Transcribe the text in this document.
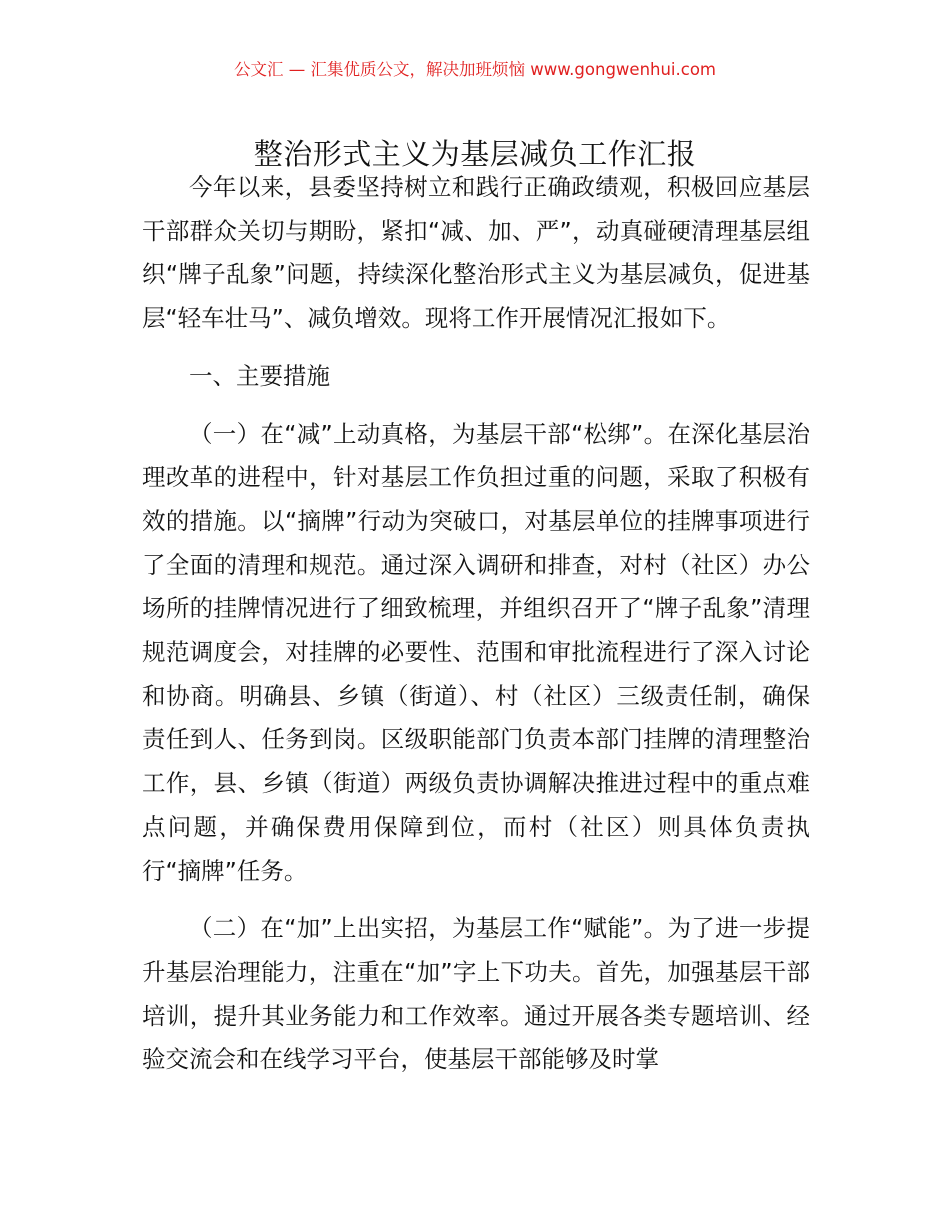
公文汇 — 汇集优质公文，解决加班烦恼 www.gongwenhui.com
整治形式主义为基层减负工作汇报

今年以来，县委坚持树立和践行正确政绩观，积极回应基层干部群众关切与期盼，紧扣“减、加、严”，动真碰硬清理基层组织“牌子乱象”问题，持续深化整治形式主义为基层减负，促进基层“轻车壮马”、减负增效。现将工作开展情况汇报如下。

一、主要措施

（一）在“减”上动真格，为基层干部“松绑”。在深化基层治理改革的进程中，针对基层工作负担过重的问题，采取了积极有效的措施。以“摘牌”行动为突破口，对基层单位的挂牌事项进行了全面的清理和规范。通过深入调研和排查，对村（社区）办公场所的挂牌情况进行了细致梳理，并组织召开了“牌子乱象”清理规范调度会，对挂牌的必要性、范围和审批流程进行了深入讨论和协商。明确县、乡镇（街道）、村（社区）三级责任制，确保责任到人、任务到岗。区级职能部门负责本部门挂牌的清理整治工作，县、乡镇（街道）两级负责协调解决推进过程中的重点难点问题，并确保费用保障到位，而村（社区）则具体负责执行“摘牌”任务。

（二）在“加”上出实招，为基层工作“赋能”。为了进一步提升基层治理能力，注重在“加”字上下功夫。首先，加强基层干部培训，提升其业务能力和工作效率。通过开展各类专题培训、经验交流会和在线学习平台，使基层干部能够及时掌
